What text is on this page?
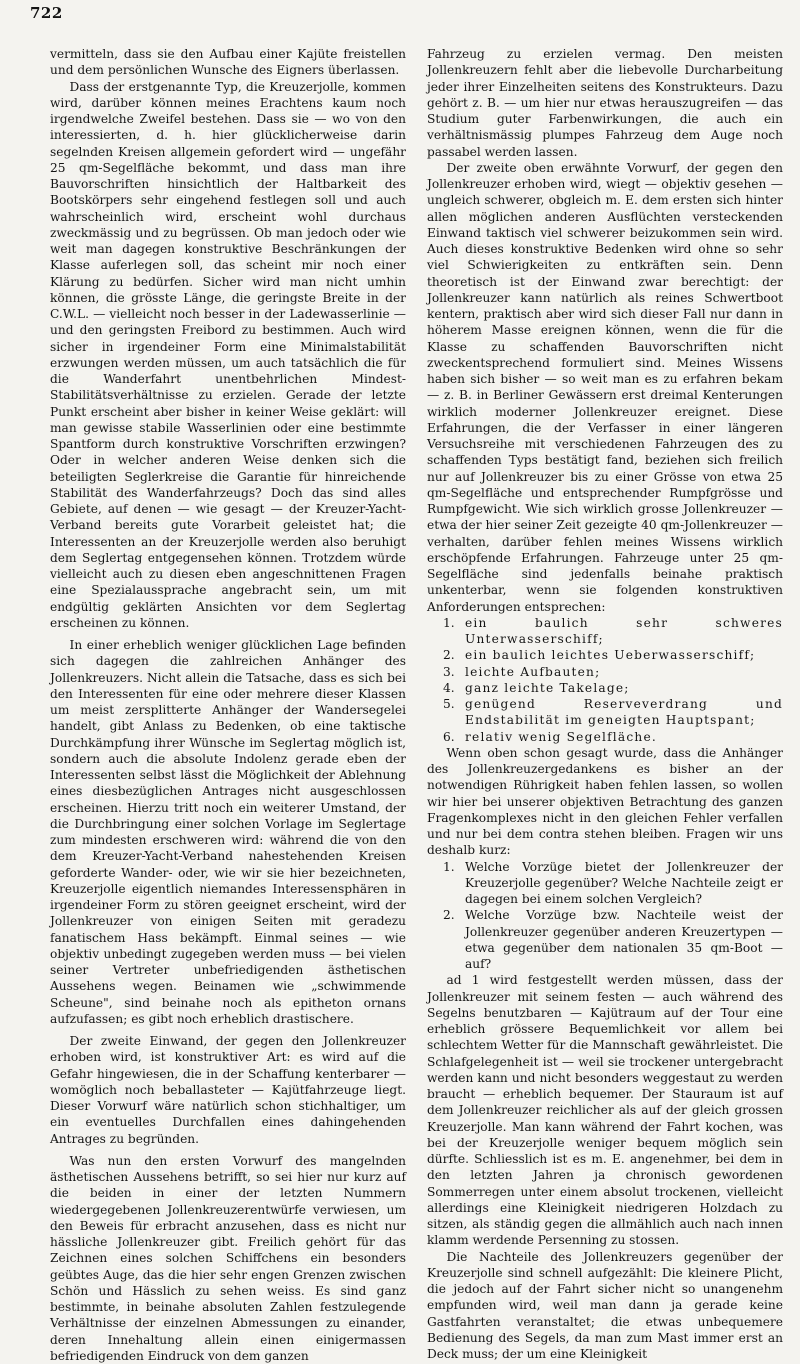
722

vermitteln, dass sie den Aufbau einer Kajüte freistellen und dem persönlichen Wunsche des Eigners überlassen.

Dass der erstgenannte Typ, die Kreuzerjolle, kommen wird, darüber können meines Erachtens kaum noch irgendwelche Zweifel bestehen. Dass sie — wo von den interessierten, d. h. hier glücklicherweise darin segelnden Kreisen allgemein gefordert wird — ungefähr 25 qm-Segelfläche bekommt, und dass man ihre Bauvorschriften hinsichtlich der Haltbarkeit des Bootskörpers sehr eingehend festlegen soll und auch wahrscheinlich wird, erscheint wohl durchaus zweckmässig und zu begrüssen. Ob man jedoch oder wie weit man dagegen konstruktive Beschränkungen der Klasse auferlegen soll, das scheint mir noch einer Klärung zu bedürfen. Sicher wird man nicht umhin können, die grösste Länge, die geringste Breite in der C.W.L. — vielleicht noch besser in der Ladewasserlinie — und den geringsten Freibord zu bestimmen. Auch wird sicher in irgendeiner Form eine Minimalstabilität erzwungen werden müssen, um auch tatsächlich die für die Wanderfahrt unentbehrlichen Mindest-Stabilitätsverhältnisse zu erzielen. Gerade der letzte Punkt erscheint aber bisher in keiner Weise geklärt: will man gewisse stabile Wasserlinien oder eine bestimmte Spantform durch konstruktive Vorschriften erzwingen? Oder in welcher anderen Weise denken sich die beteiligten Seglerkreise die Garantie für hinreichende Stabilität des Wanderfahrzeugs? Doch das sind alles Gebiete, auf denen — wie gesagt — der Kreuzer-Yacht-Verband bereits gute Vorarbeit geleistet hat; die Interessenten an der Kreuzerjolle werden also beruhigt dem Seglertag entgegensehen können. Trotzdem würde vielleicht auch zu diesen eben angeschnittenen Fragen eine Spezialaussprache angebracht sein, um mit endgültig geklärten Ansichten vor dem Seglertag erscheinen zu können.

In einer erheblich weniger glücklichen Lage befinden sich dagegen die zahlreichen Anhänger des Jollenkreuzers. Nicht allein die Tatsache, dass es sich bei den Interessenten für eine oder mehrere dieser Klassen um meist zersplitterte Anhänger der Wandersegelei handelt, gibt Anlass zu Bedenken, ob eine taktische Durchkämpfung ihrer Wünsche im Seglertag möglich ist, sondern auch die absolute Indolenz gerade eben der Interessenten selbst lässt die Möglichkeit der Ablehnung eines diesbezüglichen Antrages nicht ausgeschlossen erscheinen. Hierzu tritt noch ein weiterer Umstand, der die Durchbringung einer solchen Vorlage im Seglertage zum mindesten erschweren wird: während die von den dem Kreuzer-Yacht-Verband nahestehenden Kreisen geforderte Wander- oder, wie wir sie hier bezeichneten, Kreuzerjolle eigentlich niemandes Interessensphären in irgendeiner Form zu stören geeignet erscheint, wird der Jollenkreuzer von einigen Seiten mit geradezu fanatischem Hass bekämpft. Einmal seines — wie objektiv unbedingt zugegeben werden muss — bei vielen seiner Vertreter unbefriedigenden ästhetischen Aussehens wegen. Beinamen wie „schwimmende Scheune", sind beinahe noch als epitheton ornans aufzufassen; es gibt noch erheblich drastischere.

Der zweite Einwand, der gegen den Jollenkreuzer erhoben wird, ist konstruktiver Art: es wird auf die Gefahr hingewiesen, die in der Schaffung kenterbarer — womöglich noch beballasteter — Kajütfahrzeuge liegt. Dieser Vorwurf wäre natürlich schon stichhaltiger, um ein eventuelles Durchfallen eines dahingehenden Antrages zu begründen.

Was nun den ersten Vorwurf des mangelnden ästhetischen Aussehens betrifft, so sei hier nur kurz auf die beiden in einer der letzten Nummern wiedergegebenen Jollenkreuzerentwürfe verwiesen, um den Beweis für erbracht anzusehen, dass es nicht nur hässliche Jollenkreuzer gibt. Freilich gehört für das Zeichnen eines solchen Schiffchens ein besonders geübtes Auge, das die hier sehr engen Grenzen zwischen Schön und Hässlich zu sehen weiss. Es sind ganz bestimmte, in beinahe absoluten Zahlen festzulegende Verhältnisse der einzelnen Abmessungen zu einander, deren Innehaltung allein einen einigermassen befriedigenden Eindruck von dem ganzen

Fahrzeug zu erzielen vermag. Den meisten Jollenkreuzern fehlt aber die liebevolle Durcharbeitung jeder ihrer Einzelheiten seitens des Konstrukteurs. Dazu gehört z. B. — um hier nur etwas herauszugreifen — das Studium guter Farbenwirkungen, die auch ein verhältnismässig plumpes Fahrzeug dem Auge noch passabel werden lassen.

Der zweite oben erwähnte Vorwurf, der gegen den Jollenkreuzer erhoben wird, wiegt — objektiv gesehen — ungleich schwerer, obgleich m. E. dem ersten sich hinter allen möglichen anderen Ausflüchten versteckenden Einwand taktisch viel schwerer beizukommen sein wird. Auch dieses konstruktive Bedenken wird ohne so sehr viel Schwierigkeiten zu entkräften sein. Denn theoretisch ist der Einwand zwar berechtigt: der Jollenkreuzer kann natürlich als reines Schwertboot kentern, praktisch aber wird sich dieser Fall nur dann in höherem Masse ereignen können, wenn die für die Klasse zu schaffenden Bauvorschriften nicht zweckentsprechend formuliert sind. Meines Wissens haben sich bisher — so weit man es zu erfahren bekam — z. B. in Berliner Gewässern erst dreimal Kenterungen wirklich moderner Jollenkreuzer ereignet. Diese Erfahrungen, die der Verfasser in einer längeren Versuchsreihe mit verschiedenen Fahrzeugen des zu schaffenden Typs bestätigt fand, beziehen sich freilich nur auf Jollenkreuzer bis zu einer Grösse von etwa 25 qm-Segelfläche und entsprechender Rumpfgrösse und Rumpfgewicht. Wie sich wirklich grosse Jollenkreuzer — etwa der hier seiner Zeit gezeigte 40 qm-Jollenkreuzer — verhalten, darüber fehlen meines Wissens wirklich erschöpfende Erfahrungen. Fahrzeuge unter 25 qm-Segelfläche sind jedenfalls beinahe praktisch unkenterbar, wenn sie folgenden konstruktiven Anforderungen entsprechen:

1. ein baulich sehr schweres Unterwasserschiff;
2. ein baulich leichtes Ueberwasserschiff;
3. leichte Aufbauten;
4. ganz leichte Takelage;
5. genügend Reserveverdrang und Endstabilität im geneigten Hauptspant;
6. relativ wenig Segelfläche.

Wenn oben schon gesagt wurde, dass die Anhänger des Jollenkreuzergedankens es bisher an der notwendigen Rührigkeit haben fehlen lassen, so wollen wir hier bei unserer objektiven Betrachtung des ganzen Fragenkomplexes nicht in den gleichen Fehler verfallen und nur bei dem contra stehen bleiben. Fragen wir uns deshalb kurz:

1. Welche Vorzüge bietet der Jollenkreuzer der Kreuzerjolle gegenüber? Welche Nachteile zeigt er dagegen bei einem solchen Vergleich?
2. Welche Vorzüge bzw. Nachteile weist der Jollenkreuzer gegenüber anderen Kreuzertypen — etwa gegenüber dem nationalen 35 qm-Boot — auf?

ad 1 wird festgestellt werden müssen, dass der Jollenkreuzer mit seinem festen — auch während des Segelns benutzbaren — Kajütraum auf der Tour eine erheblich grössere Bequemlichkeit vor allem bei schlechtem Wetter für die Mannschaft gewährleistet. Die Schlafgelegenheit ist — weil sie trockener untergebracht werden kann und nicht besonders weggestaut zu werden braucht — erheblich bequemer. Der Stauraum ist auf dem Jollenkreuzer reichlicher als auf der gleich grossen Kreuzerjolle. Man kann während der Fahrt kochen, was bei der Kreuzerjolle weniger bequem möglich sein dürfte. Schliesslich ist es m. E. angenehmer, bei dem in den letzten Jahren ja chronisch gewordenen Sommerregen unter einem absolut trockenen, vielleicht allerdings eine Kleinigkeit niedrigeren Holzdach zu sitzen, als ständig gegen die allmählich auch nach innen klamm werdende Persenning zu stossen.

Die Nachteile des Jollenkreuzers gegenüber der Kreuzerjolle sind schnell aufgezählt: Die kleinere Plicht, die jedoch auf der Fahrt sicher nicht so unangenehm empfunden wird, weil man dann ja gerade keine Gastfahrten veranstaltet; die etwas unbequemere Bedienung des Segels, da man zum Mast immer erst an Deck muss; der um eine Kleinigkeit
